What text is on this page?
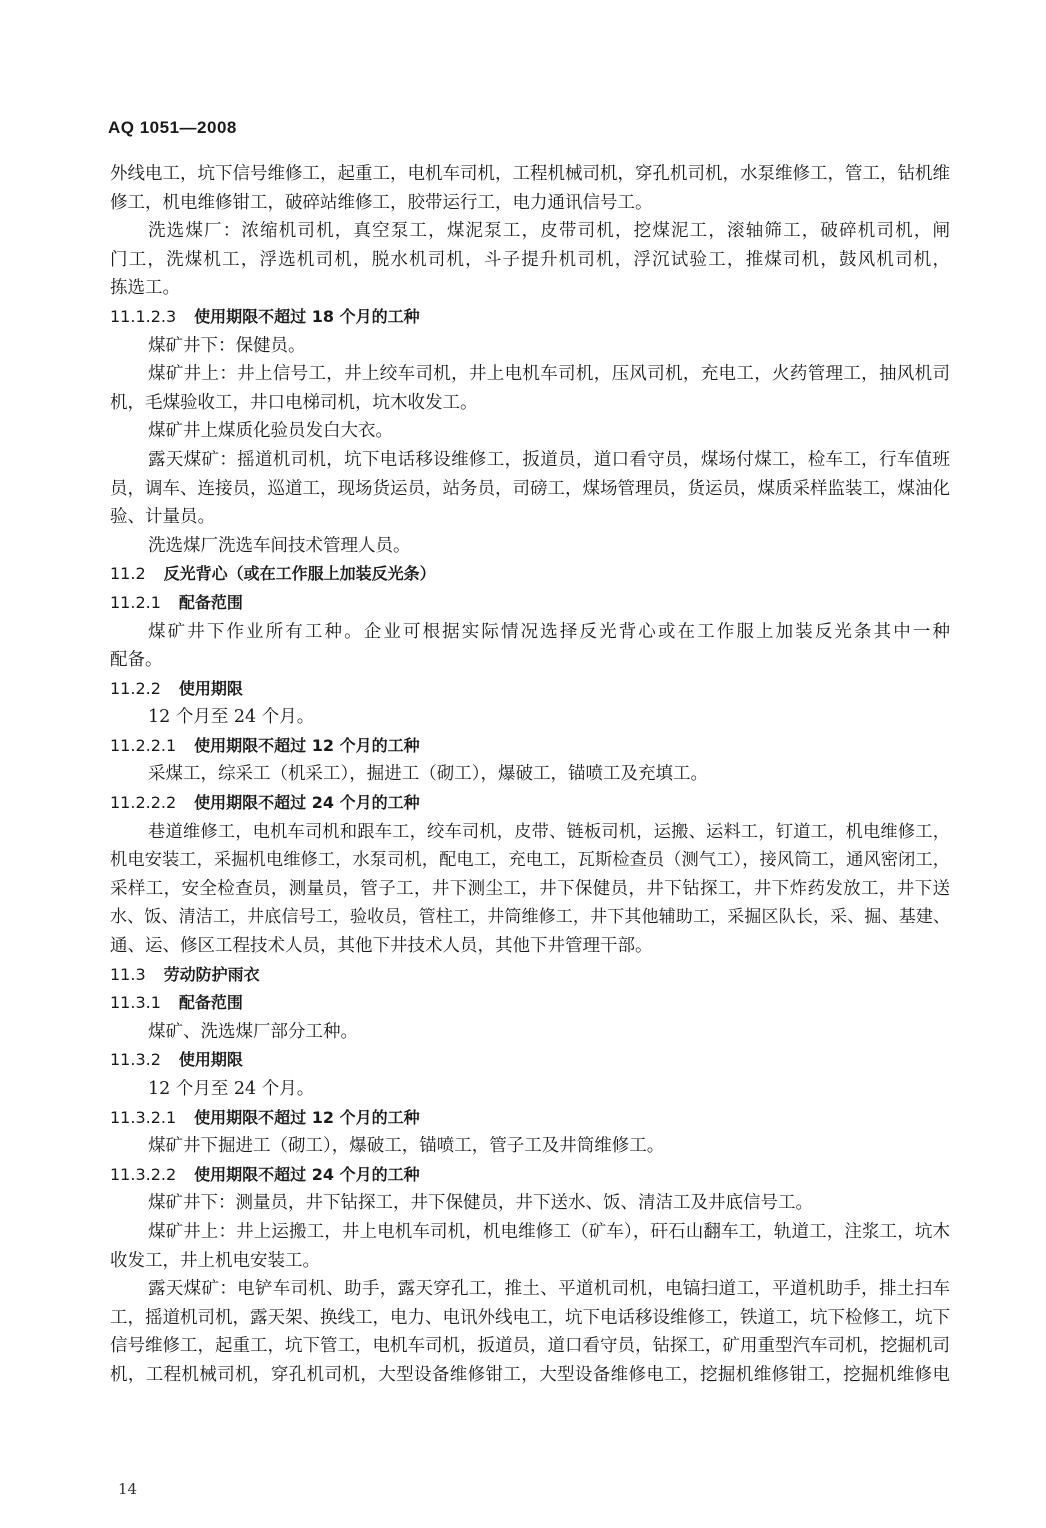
AQ 1051—2008
外线电工，坑下信号维修工，起重工，电机车司机，工程机械司机，穿孔机司机，水泵维修工，管工，钻机维
修工，机电维修钳工，破碎站维修工，胶带运行工，电力通讯信号工。
洗选煤厂：浓缩机司机，真空泵工，煤泥泵工，皮带司机，挖煤泥工，滚轴筛工，破碎机司机，闸
门工，洗煤机工，浮选机司机，脱水机司机，斗子提升机司机，浮沉试验工，推煤司机，鼓风机司机，
拣选工。
11.1.2.3 使用期限不超过 18 个月的工种
煤矿井下：保健员。
煤矿井上：井上信号工，井上绞车司机，井上电机车司机，压风司机，充电工，火药管理工，抽风机司
机，毛煤验收工，井口电梯司机，坑木收发工。
煤矿井上煤质化验员发白大衣。
露天煤矿：摇道机司机，坑下电话移设维修工，扳道员，道口看守员，煤场付煤工，检车工，行车值班
员，调车、连接员，巡道工，现场货运员，站务员，司磅工，煤场管理员，货运员，煤质采样监装工，煤油化
验、计量员。
洗选煤厂洗选车间技术管理人员。
11.2 反光背心（或在工作服上加装反光条）
11.2.1 配备范围
煤矿井下作业所有工种。企业可根据实际情况选择反光背心或在工作服上加装反光条其中一种
配备。
11.2.2 使用期限
12 个月至 24 个月。
11.2.2.1 使用期限不超过 12 个月的工种
采煤工，综采工（机采工），掘进工（砌工），爆破工，锚喷工及充填工。
11.2.2.2 使用期限不超过 24 个月的工种
巷道维修工，电机车司机和跟车工，绞车司机，皮带、链板司机，运搬、运料工，钉道工，机电维修工，
机电安装工，采掘机电维修工，水泵司机，配电工，充电工，瓦斯检查员（测气工），接风筒工，通风密闭工，
采样工，安全检查员，测量员，管子工，井下测尘工，井下保健员，井下钻探工，井下炸药发放工，井下送
水、饭、清洁工，井底信号工，验收员，管柱工，井筒维修工，井下其他辅助工，采掘区队长，采、掘、基建、
通、运、修区工程技术人员，其他下井技术人员，其他下井管理干部。
11.3 劳动防护雨衣
11.3.1 配备范围
煤矿、洗选煤厂部分工种。
11.3.2 使用期限
12 个月至 24 个月。
11.3.2.1 使用期限不超过 12 个月的工种
煤矿井下掘进工（砌工），爆破工，锚喷工，管子工及井筒维修工。
11.3.2.2 使用期限不超过 24 个月的工种
煤矿井下：测量员，井下钻探工，井下保健员，井下送水、饭、清洁工及井底信号工。
煤矿井上：井上运搬工，井上电机车司机，机电维修工（矿车），矸石山翻车工，轨道工，注浆工，坑木
收发工，井上机电安装工。
露天煤矿：电铲车司机、助手，露天穿孔工，推土、平道机司机，电镐扫道工，平道机助手，排土扫车
工，摇道机司机，露天架、换线工，电力、电讯外线电工，坑下电话移设维修工，铁道工，坑下检修工，坑下
信号维修工，起重工，坑下管工，电机车司机，扳道员，道口看守员，钻探工，矿用重型汽车司机，挖掘机司
机，工程机械司机，穿孔机司机，大型设备维修钳工，大型设备维修电工，挖掘机维修钳工，挖掘机维修电
14
